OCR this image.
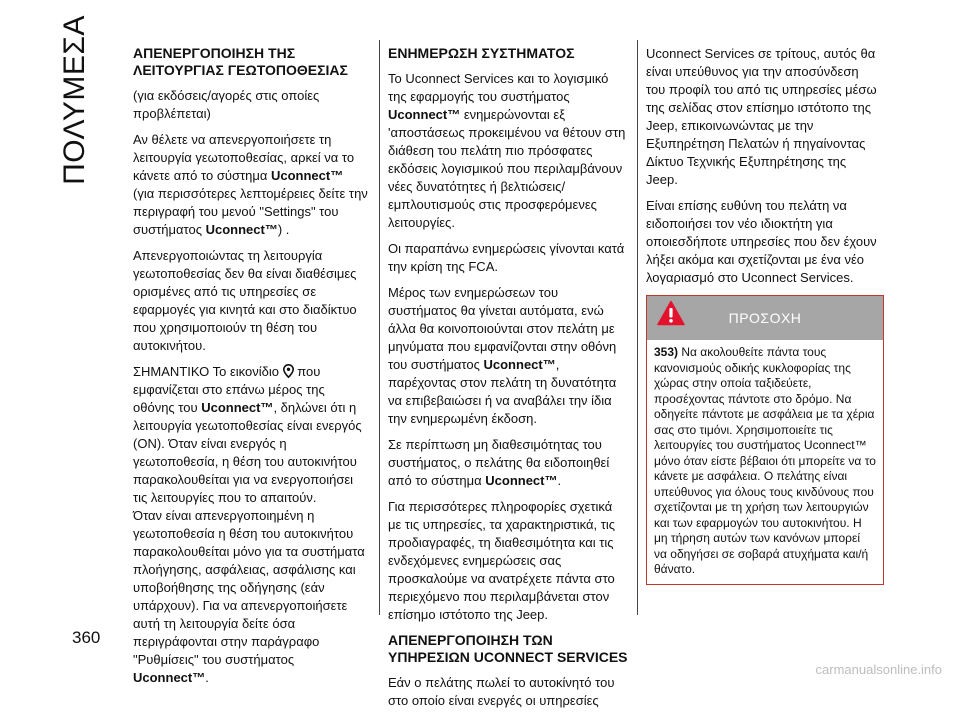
ΠΟΛΥΜΕΣΑ	ΑΠΕΝΕΡΓΟΠΟΙΗΣΗ ΤΗΣ ΛΕΙΤΟΥΡΓΙΑΣ ΓΕΩΤΟΠΟΘΕΣΙΑΣ

(για εκδόσεις/αγορές στις οποίες προβλέπεται)

Αν θέλετε να απενεργοποιήσετε τη λειτουργία γεωτοποθεσίας, αρκεί να το κάνετε από το σύστημα Uconnect™ (για περισσότερες λεπτομέρειες δείτε την περιγραφή του μενού "Settings" του συστήματος Uconnect™) .

Απενεργοποιώντας τη λειτουργία γεωτοποθεσίας δεν θα είναι διαθέσιμες ορισμένες από τις υπηρεσίες σε εφαρμογές για κινητά και στο διαδίκτυο που χρησιμοποιούν τη θέση του αυτοκινήτου.

ΣΗΜΑΝΤΙΚΟ Το εικονίδιο  που εμφανίζεται στο επάνω μέρος της οθόνης του Uconnect™, δηλώνει ότι η λειτουργία γεωτοποθεσίας είναι ενεργός (ON). Όταν είναι ενεργός η γεωτοποθεσία, η θέση του αυτοκινήτου παρακολουθείται για να ενεργοποιήσει τις λειτουργίες που το απαιτούν.

Όταν είναι απενεργοποιημένη η γεωτοποθεσία η θέση του αυτοκινήτου παρακολουθείται μόνο για τα συστήματα πλοήγησης, ασφάλειας, ασφάλισης και υποβοήθησης της οδήγησης (εάν υπάρχουν). Για να απενεργοποιήσετε αυτή τη λειτουργία δείτε όσα περιγράφονται στην παράγραφο "Ρυθμίσεις" του συστήματος Uconnect™.

ΕΝΗΜΕΡΩΣΗ ΣΥΣΤΗΜΑΤΟΣ

Το Uconnect Services και το λογισμικό της εφαρμογής του συστήματος Uconnect™ ενημερώνονται εξ 'αποστάσεως προκειμένου να θέτουν στη διάθεση του πελάτη πιο πρόσφατες εκδόσεις λογισμικού που περιλαμβάνουν νέες δυνατότητες ή βελτιώσεις/εμπλουτισμούς στις προσφερόμενες λειτουργίες.

Οι παραπάνω ενημερώσεις γίνονται κατά την κρίση της FCA.

Μέρος των ενημερώσεων του συστήματος θα γίνεται αυτόματα, ενώ άλλα θα κοινοποιούνται στον πελάτη με μηνύματα που εμφανίζονται στην οθόνη του συστήματος Uconnect™, παρέχοντας στον πελάτη τη δυνατότητα να επιβεβαιώσει ή να αναβάλει την ίδια την ενημερωμένη έκδοση.

Σε περίπτωση μη διαθεσιμότητας του συστήματος, ο πελάτης θα ειδοποιηθεί από το σύστημα Uconnect™.

Για περισσότερες πληροφορίες σχετικά με τις υπηρεσίες, τα χαρακτηριστικά, τις προδιαγραφές, τη διαθεσιμότητα και τις ενδεχόμενες ενημερώσεις σας προσκαλούμε να ανατρέχετε πάντα στο περιεχόμενο που περιλαμβάνεται στον επίσημο ιστότοπο της Jeep.

ΑΠΕΝΕΡΓΟΠΟΙΗΣΗ ΤΩΝ ΥΠΗΡΕΣΙΩΝ UCONNECT SERVICES

Εάν ο πελάτης πωλεί το αυτοκίνητό του στο οποίο είναι ενεργές οι υπηρεσίες

Uconnect Services σε τρίτους, αυτός θα είναι υπεύθυνος για την αποσύνδεση του προφίλ του από τις υπηρεσίες μέσω της σελίδας στον επίσημο ιστότοπο της Jeep, επικοινωνώντας με την Εξυπηρέτηση Πελατών ή πηγαίνοντας Δίκτυο Τεχνικής Εξυπηρέτησης της Jeep.

Είναι επίσης ευθύνη του πελάτη να ειδοποιήσει τον νέο ιδιοκτήτη για οποιεσδήποτε υπηρεσίες που δεν έχουν λήξει ακόμα και σχετίζονται με ένα νέο λογαριασμό στο Uconnect Services.

ΠΡΟΣΟΧΗ
353) Να ακολουθείτε πάντα τους κανονισμούς οδικής κυκλοφορίας της χώρας στην οποία ταξιδεύετε, προσέχοντας πάντοτε στο δρόμο. Να οδηγείτε πάντοτε με ασφάλεια με τα χέρια σας στο τιμόνι. Χρησιμοποιείτε τις λειτουργίες του συστήματος Uconnect™ μόνο όταν είστε βέβαιοι ότι μπορείτε να το κάνετε με ασφάλεια. Ο πελάτης είναι υπεύθυνος για όλους τους κινδύνους που σχετίζονται με τη χρήση των λειτουργιών και των εφαρμογών του αυτοκινήτου. Η μη τήρηση αυτών των κανόνων μπορεί να οδηγήσει σε σοβαρά ατυχήματα και/ή θάνατο.
360
carmanualsonline.info
